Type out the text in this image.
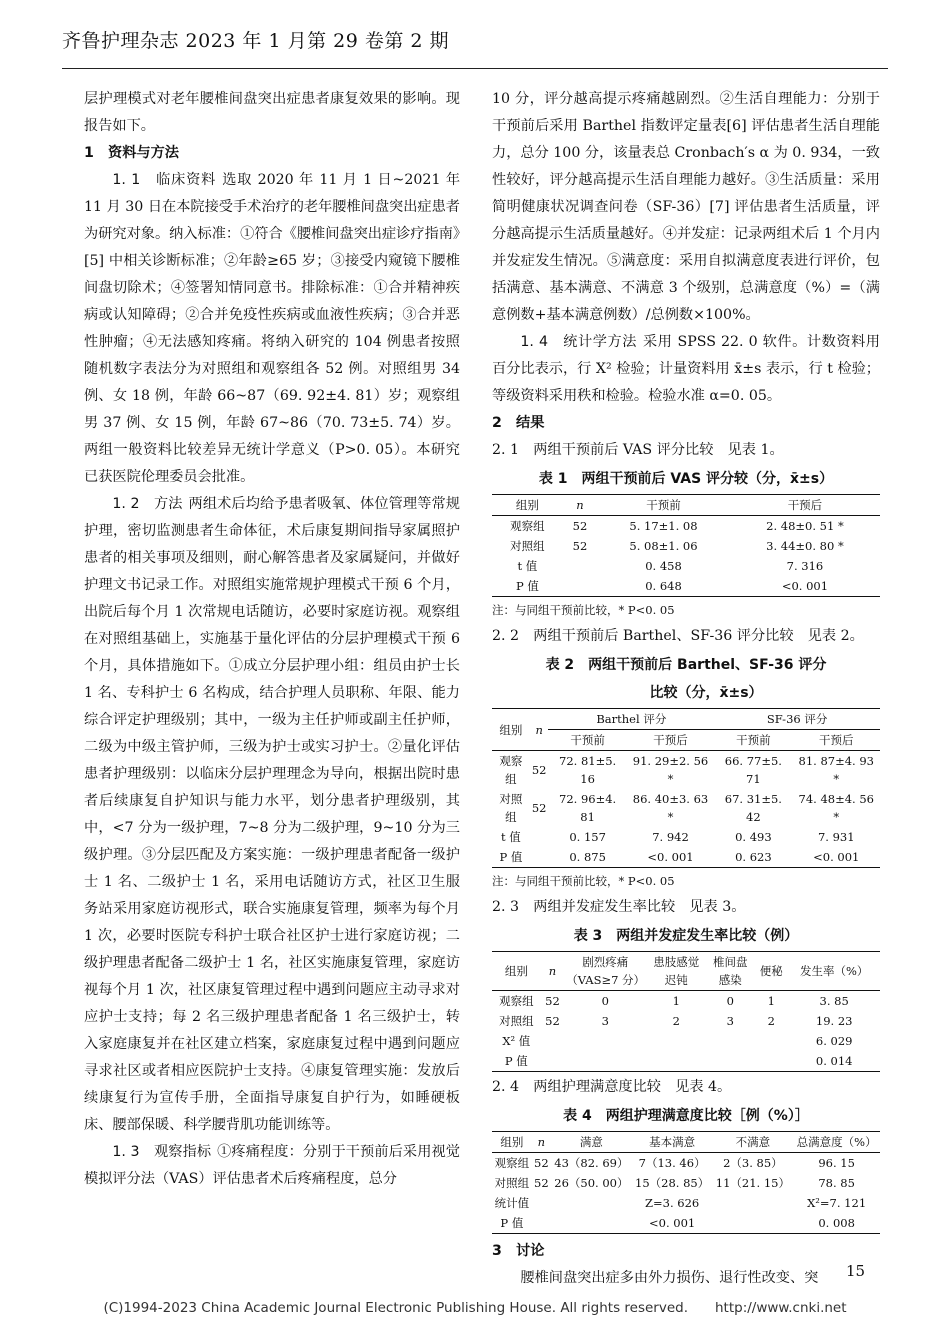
齐鲁护理杂志 2023 年 1 月第 29 卷第 2 期

层护理模式对老年腰椎间盘突出症患者康复效果的影响。现报告如下。

1　资料与方法

1. 1　临床资料 选取 2020 年 11 月 1 日~2021 年 11 月 30 日在本院接受手术治疗的老年腰椎间盘突出症患者为研究对象。纳入标准：①符合《腰椎间盘突出症诊疗指南》[5] 中相关诊断标准；②年龄≥65 岁；③接受内窥镜下腰椎间盘切除术；④签署知情同意书。排除标准：①合并精神疾病或认知障碍；②合并免疫性疾病或血液性疾病；③合并恶性肿瘤；④无法感知疼痛。将纳入研究的 104 例患者按照随机数字表法分为对照组和观察组各 52 例。对照组男 34 例、女 18 例，年龄 66~87（69. 92±4. 81）岁；观察组男 37 例、女 15 例，年龄 67~86（70. 73±5. 74）岁。两组一般资料比较差异无统计学意义（P>0. 05）。本研究已获医院伦理委员会批准。

1. 2　方法 两组术后均给予患者吸氧、体位管理等常规护理，密切监测患者生命体征，术后康复期间指导家属照护患者的相关事项及细则，耐心解答患者及家属疑问，并做好护理文书记录工作。对照组实施常规护理模式干预 6 个月，出院后每个月 1 次常规电话随访，必要时家庭访视。观察组在对照组基础上，实施基于量化评估的分层护理模式干预 6 个月，具体措施如下。①成立分层护理小组：组员由护士长 1 名、专科护士 6 名构成，结合护理人员职称、年限、能力综合评定护理级别；其中，一级为主任护师或副主任护师，二级为中级主管护师，三级为护士或实习护士。②量化评估患者护理级别：以临床分层护理理念为导向，根据出院时患者后续康复自护知识与能力水平，划分患者护理级别，其中，<7 分为一级护理，7~8 分为二级护理，9~10 分为三级护理。③分层匹配及方案实施：一级护理患者配备一级护士 1 名、二级护士 1 名，采用电话随访方式，社区卫生服务站采用家庭访视形式，联合实施康复管理，频率为每个月 1 次，必要时医院专科护士联合社区护士进行家庭访视；二级护理患者配备二级护士 1 名，社区实施康复管理，家庭访视每个月 1 次，社区康复管理过程中遇到问题应主动寻求对应护士支持；每 2 名三级护理患者配备 1 名三级护士，转入家庭康复并在社区建立档案，家庭康复过程中遇到问题应寻求社区或者相应医院护士支持。④康复管理实施：发放后续康复行为宣传手册，全面指导康复自护行为，如睡硬板床、腰部保暖、科学腰背肌功能训练等。

1. 3　观察指标 ①疼痛程度：分别于干预前后采用视觉模拟评分法（VAS）评估患者术后疼痛程度，总分

10 分，评分越高提示疼痛越剧烈。②生活自理能力：分别于干预前后采用 Barthel 指数评定量表[6] 评估患者生活自理能力，总分 100 分，该量表总 Cronbach′s α 为 0. 934，一致性较好，评分越高提示生活自理能力越好。③生活质量：采用简明健康状况调查问卷（SF-36）[7] 评估患者生活质量，评分越高提示生活质量越好。④并发症：记录两组术后 1 个月内并发症发生情况。⑤满意度：采用自拟满意度表进行评价，包括满意、基本满意、不满意 3 个级别，总满意度（%）=（满意例数+基本满意例数）/总例数×100%。

1. 4　统计学方法 采用 SPSS 22. 0 软件。计数资料用百分比表示，行 X² 检验；计量资料用 x̄±s 表示，行 t 检验；等级资料采用秩和检验。检验水准 α=0. 05。

2　结果

2. 1　两组干预前后 VAS 评分比较　见表 1。

表 1　两组干预前后 VAS 评分较（分，x̄±s）
组别	n	干预前	干预后
观察组	52	5. 17±1. 08	2. 48±0. 51 *
对照组	52	5. 08±1. 06	3. 44±0. 80 *
t 值		0. 458	7. 316
P 值		0. 648	<0. 001

注：与同组干预前比较，* P<0. 05

2. 2　两组干预前后 Barthel、SF-36 评分比较　见表 2。

表 2　两组干预前后 Barthel、SF-36 评分
比较（分，x̄±s）
组别	n	Barthel 评分		SF-36 评分	
		干预前	干预后	干预前	干预后
观察组	52	72. 81±5. 16	91. 29±2. 56 *	66. 77±5. 71	81. 87±4. 93 *
对照组	52	72. 96±4. 81	86. 40±3. 63 *	67. 31±5. 42	74. 48±4. 56 *
t 值		0. 157	7. 942	0. 493	7. 931
P 值		0. 875	<0. 001	0. 623	<0. 001

注：与同组干预前比较，* P<0. 05

2. 3　两组并发症发生率比较　见表 3。

表 3　两组并发症发生率比较（例）
组别	n	剧烈疼痛（VAS≥7 分）	患肢感觉迟钝	椎间盘感染	便秘	发生率（%）
观察组	52	0	1	0	1	3. 85
对照组	52	3	2	3	2	19. 23
X² 值						6. 029
P 值						0. 014

2. 4　两组护理满意度比较　见表 4。

表 4　两组护理满意度比较［例（%）］
组别	n	满意	基本满意	不满意	总满意度（%）
观察组	52	43（82. 69）	7（13. 46）	2（3. 85）	96. 15
对照组	52	26（50. 00）	15（28. 85）	11（21. 15）	78. 85
统计值		Z=3. 626			X²=7. 121
P 值		<0. 001			0. 008

3　讨论

腰椎间盘突出症多由外力损伤、退行性改变、突	15
(C)1994-2023 China Academic Journal Electronic Publishing House. All rights reserved.　　http://www.cnki.net
